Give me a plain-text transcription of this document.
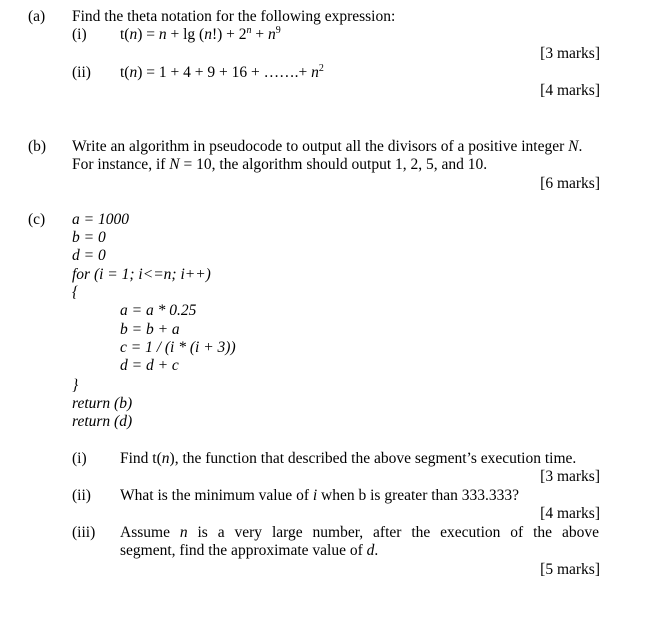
(a) Find the theta notation for the following expression:
(i) $t(n) = n + \lg (n!) + 2^n + n^9$
[3 marks]
(ii) t(n) = 1 + 4 + 9 + 16 + …….+ $n^2$
[4 marks]
(b) Write an algorithm in pseudocode to output all the divisors of a positive integer N.
For instance, if N = 10, the algorithm should output 1, 2, 5, and 10.
[6 marks]
(c) a = 1000
b = 0
d = 0
for (i = 1; i<=n; i++)
{
a = a * 0.25
b = b + a
c = 1 / (i * (i + 3))
d = d + c
}
return (b)
return (d)
(i) Find t(n), the function that described the above segment’s execution time.
[3 marks]
(ii) What is the minimum value of i when b is greater than 333.333?
[4 marks]
(iii) Assume n is a very large number, after the execution of the above
segment, find the approximate value of d.
[5 marks]
